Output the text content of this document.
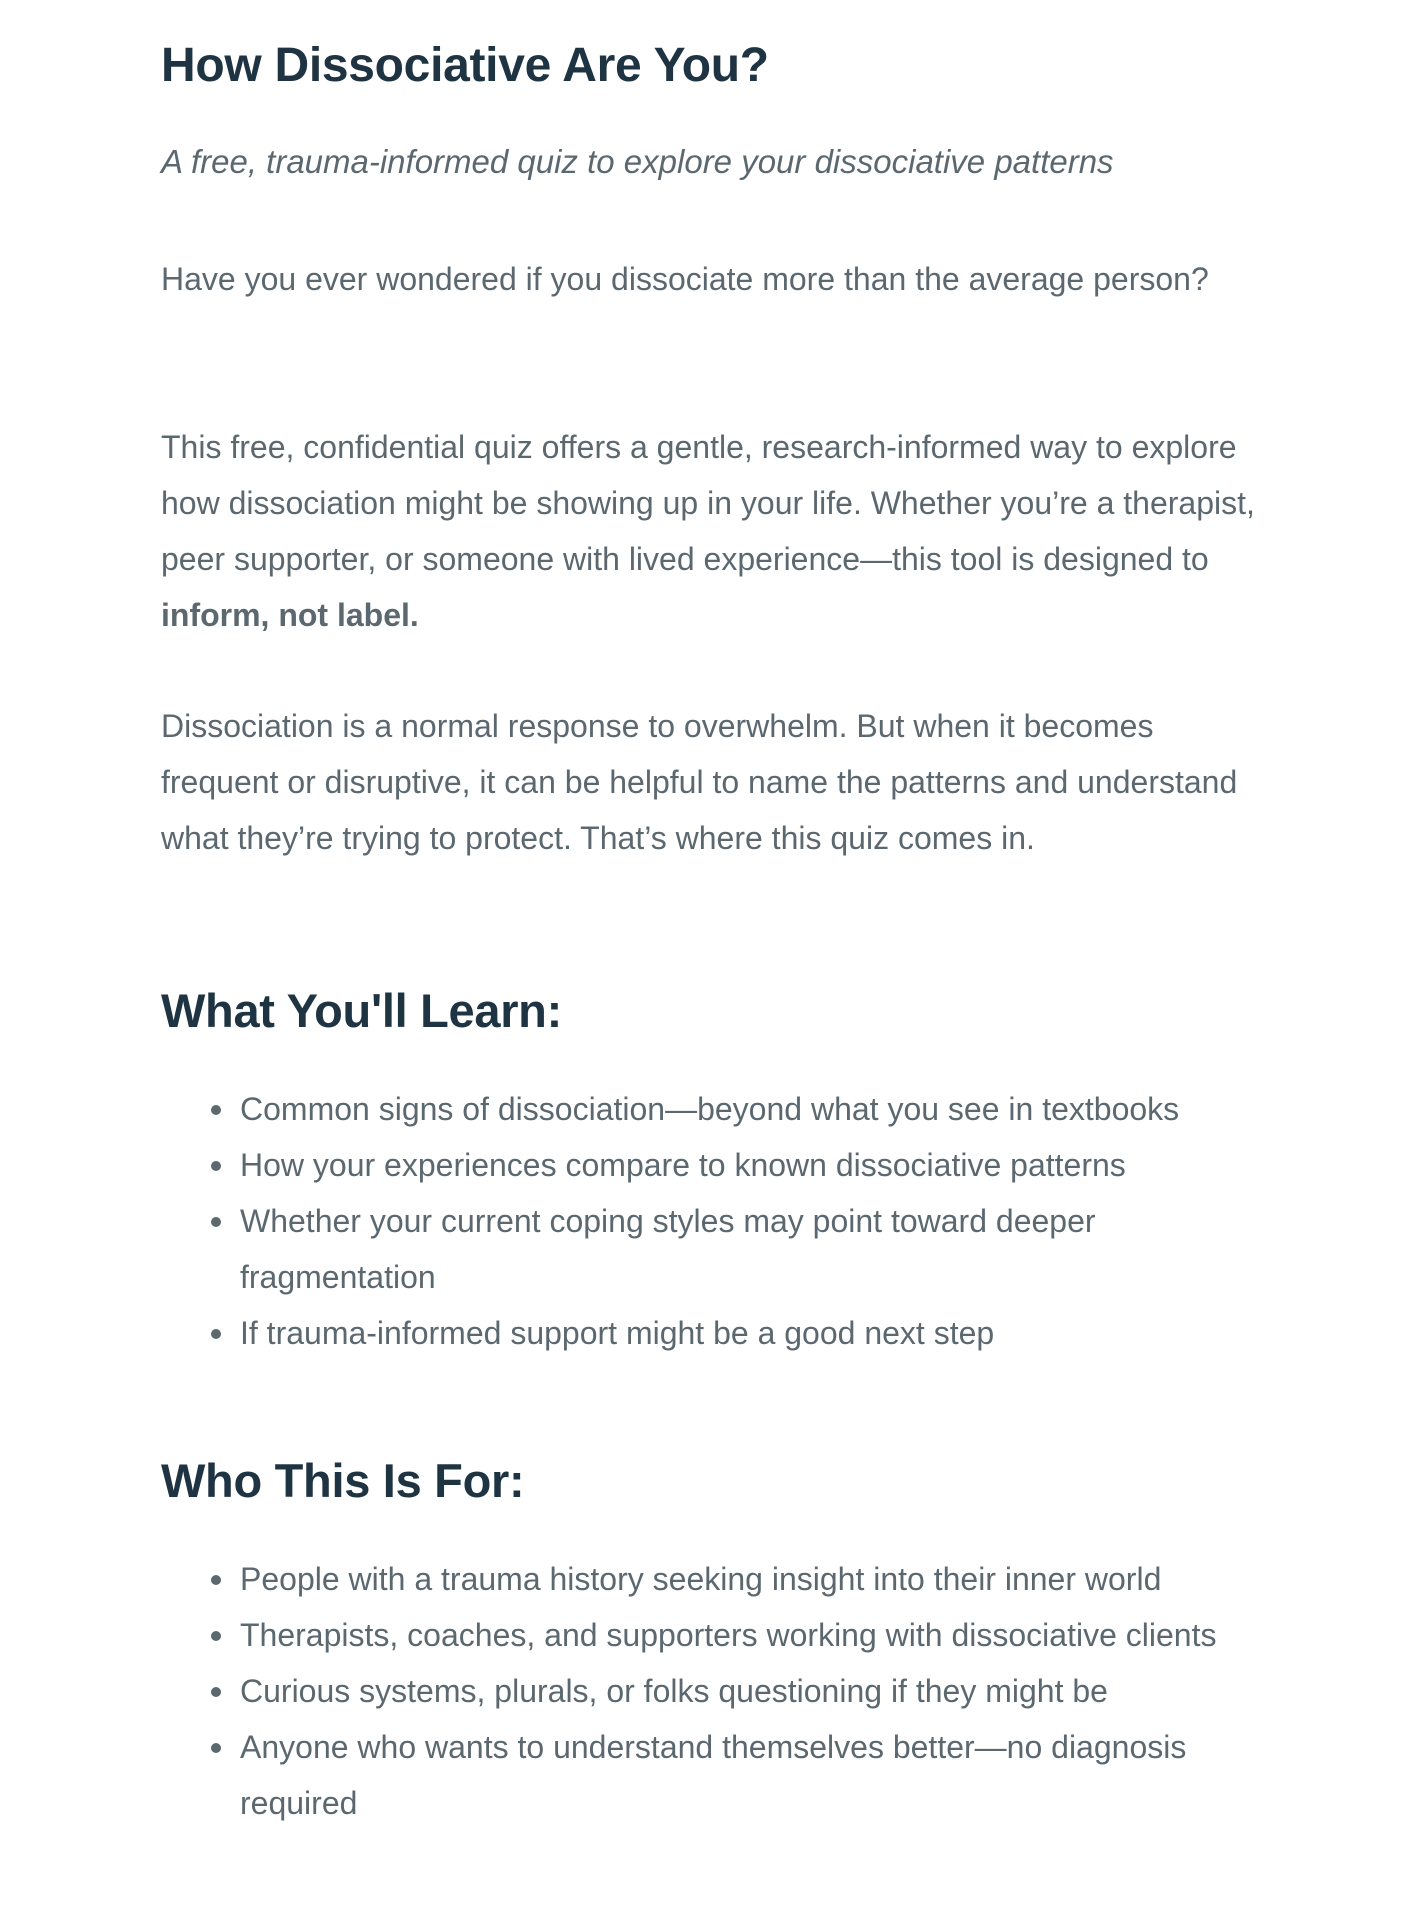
How Dissociative Are You?

A free, trauma-informed quiz to explore your dissociative patterns

Have you ever wondered if you dissociate more than the average person?

This free, confidential quiz offers a gentle, research-informed way to explore how dissociation might be showing up in your life. Whether you’re a therapist, peer supporter, or someone with lived experience—this tool is designed to inform, not label.

Dissociation is a normal response to overwhelm. But when it becomes frequent or disruptive, it can be helpful to name the patterns and understand what they’re trying to protect. That’s where this quiz comes in.

What You'll Learn:
Common signs of dissociation—beyond what you see in textbooks
How your experiences compare to known dissociative patterns
Whether your current coping styles may point toward deeper fragmentation
If trauma-informed support might be a good next step
Who This Is For:
People with a trauma history seeking insight into their inner world
Therapists, coaches, and supporters working with dissociative clients
Curious systems, plurals, or folks questioning if they might be
Anyone who wants to understand themselves better—no diagnosis required
